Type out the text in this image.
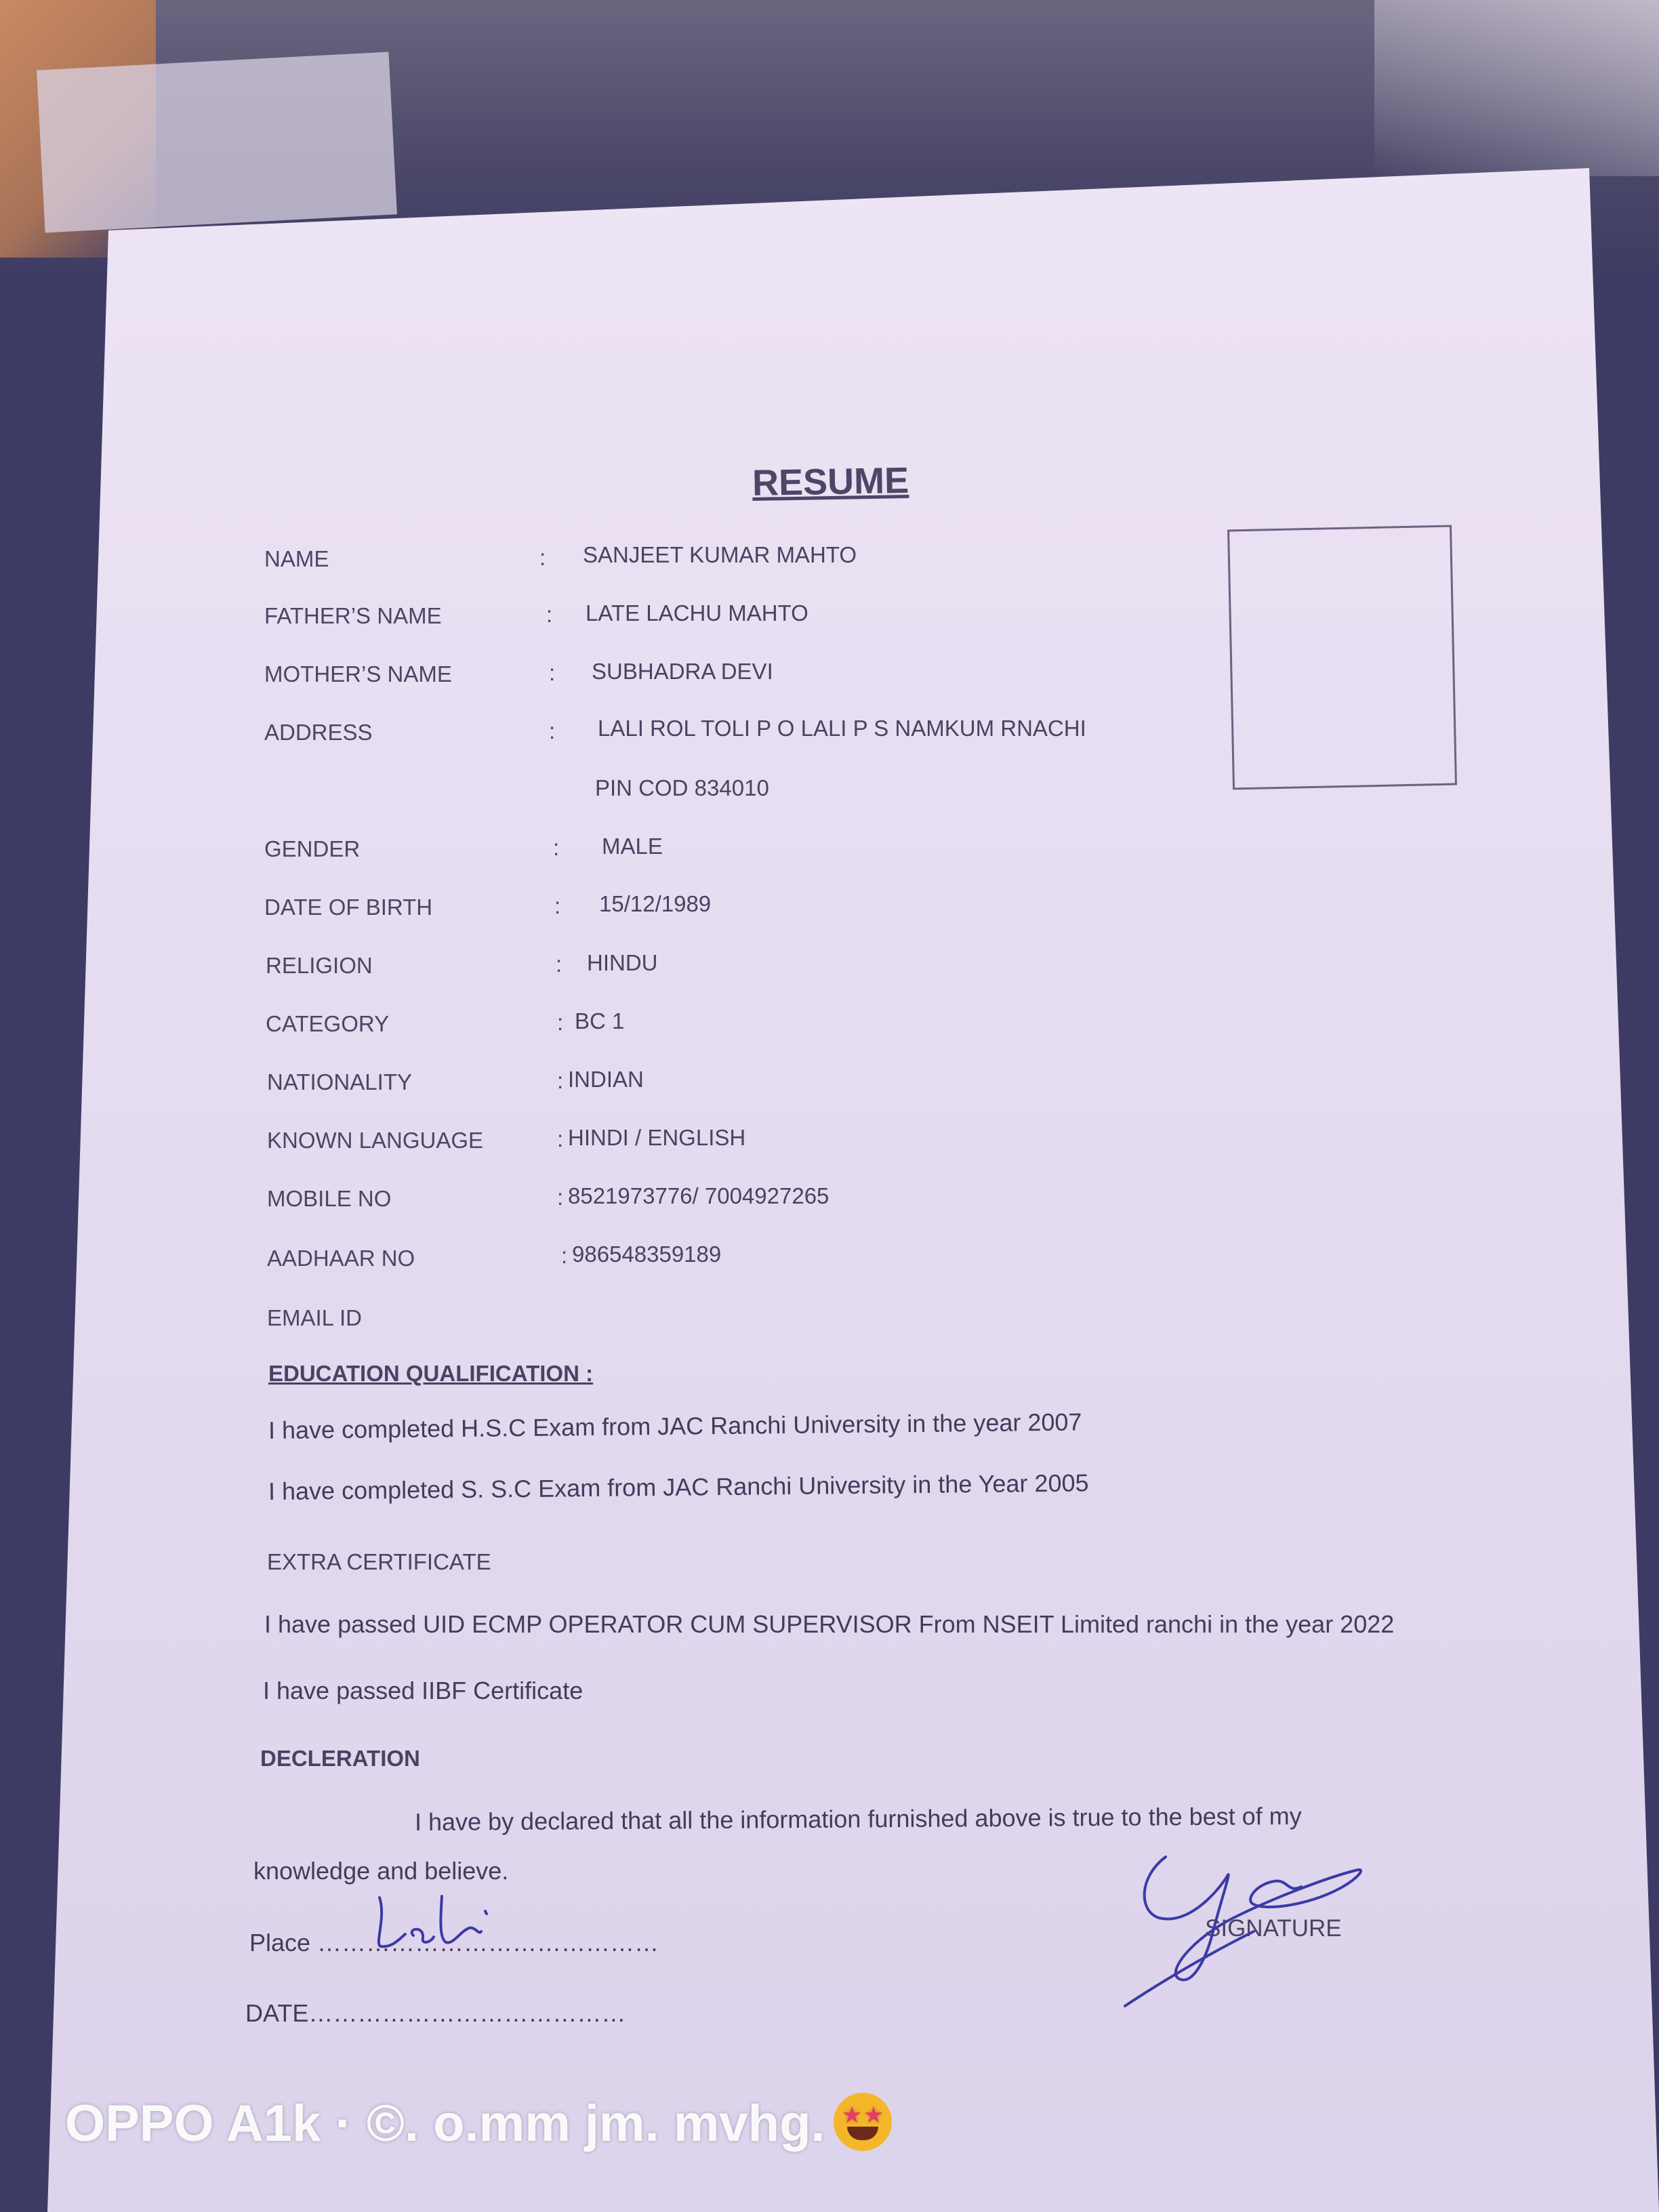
RESUME
NAME	: SANJEET KUMAR MAHTO
FATHER’S NAME	: LATE LACHU MAHTO
MOTHER’S NAME	: SUBHADRA DEVI
ADDRESS	: LALI ROL TOLI P O LALI P S NAMKUM RNACHI
PIN COD 834010
GENDER	: MALE
DATE OF BIRTH	: 15/12/1989
RELIGION	: HINDU
CATEGORY	: BC 1
NATIONALITY	: INDIAN
KNOWN LANGUAGE	: HINDI / ENGLISH
MOBILE NO	: 8521973776/ 7004927265
AADHAAR NO	: 986548359189
EMAIL ID
EDUCATION QUALIFICATION :
I have completed H.S.C Exam from JAC Ranchi University in the year 2007
I have completed S. S.C Exam from JAC Ranchi University in the Year 2005
EXTRA CERTIFICATE
I have passed UID ECMP OPERATOR CUM SUPERVISOR From NSEIT Limited ranchi in the year 2022
I have passed IIBF Certificate
DECLERATION
I have by declared that all the information furnished above is true to the best of my
knowledge and believe.
Place ……………………………………
DATE…………………………………
SIGNATURE
OPPO A1k · ©. o.mm jm. mvhg. ★ ★
